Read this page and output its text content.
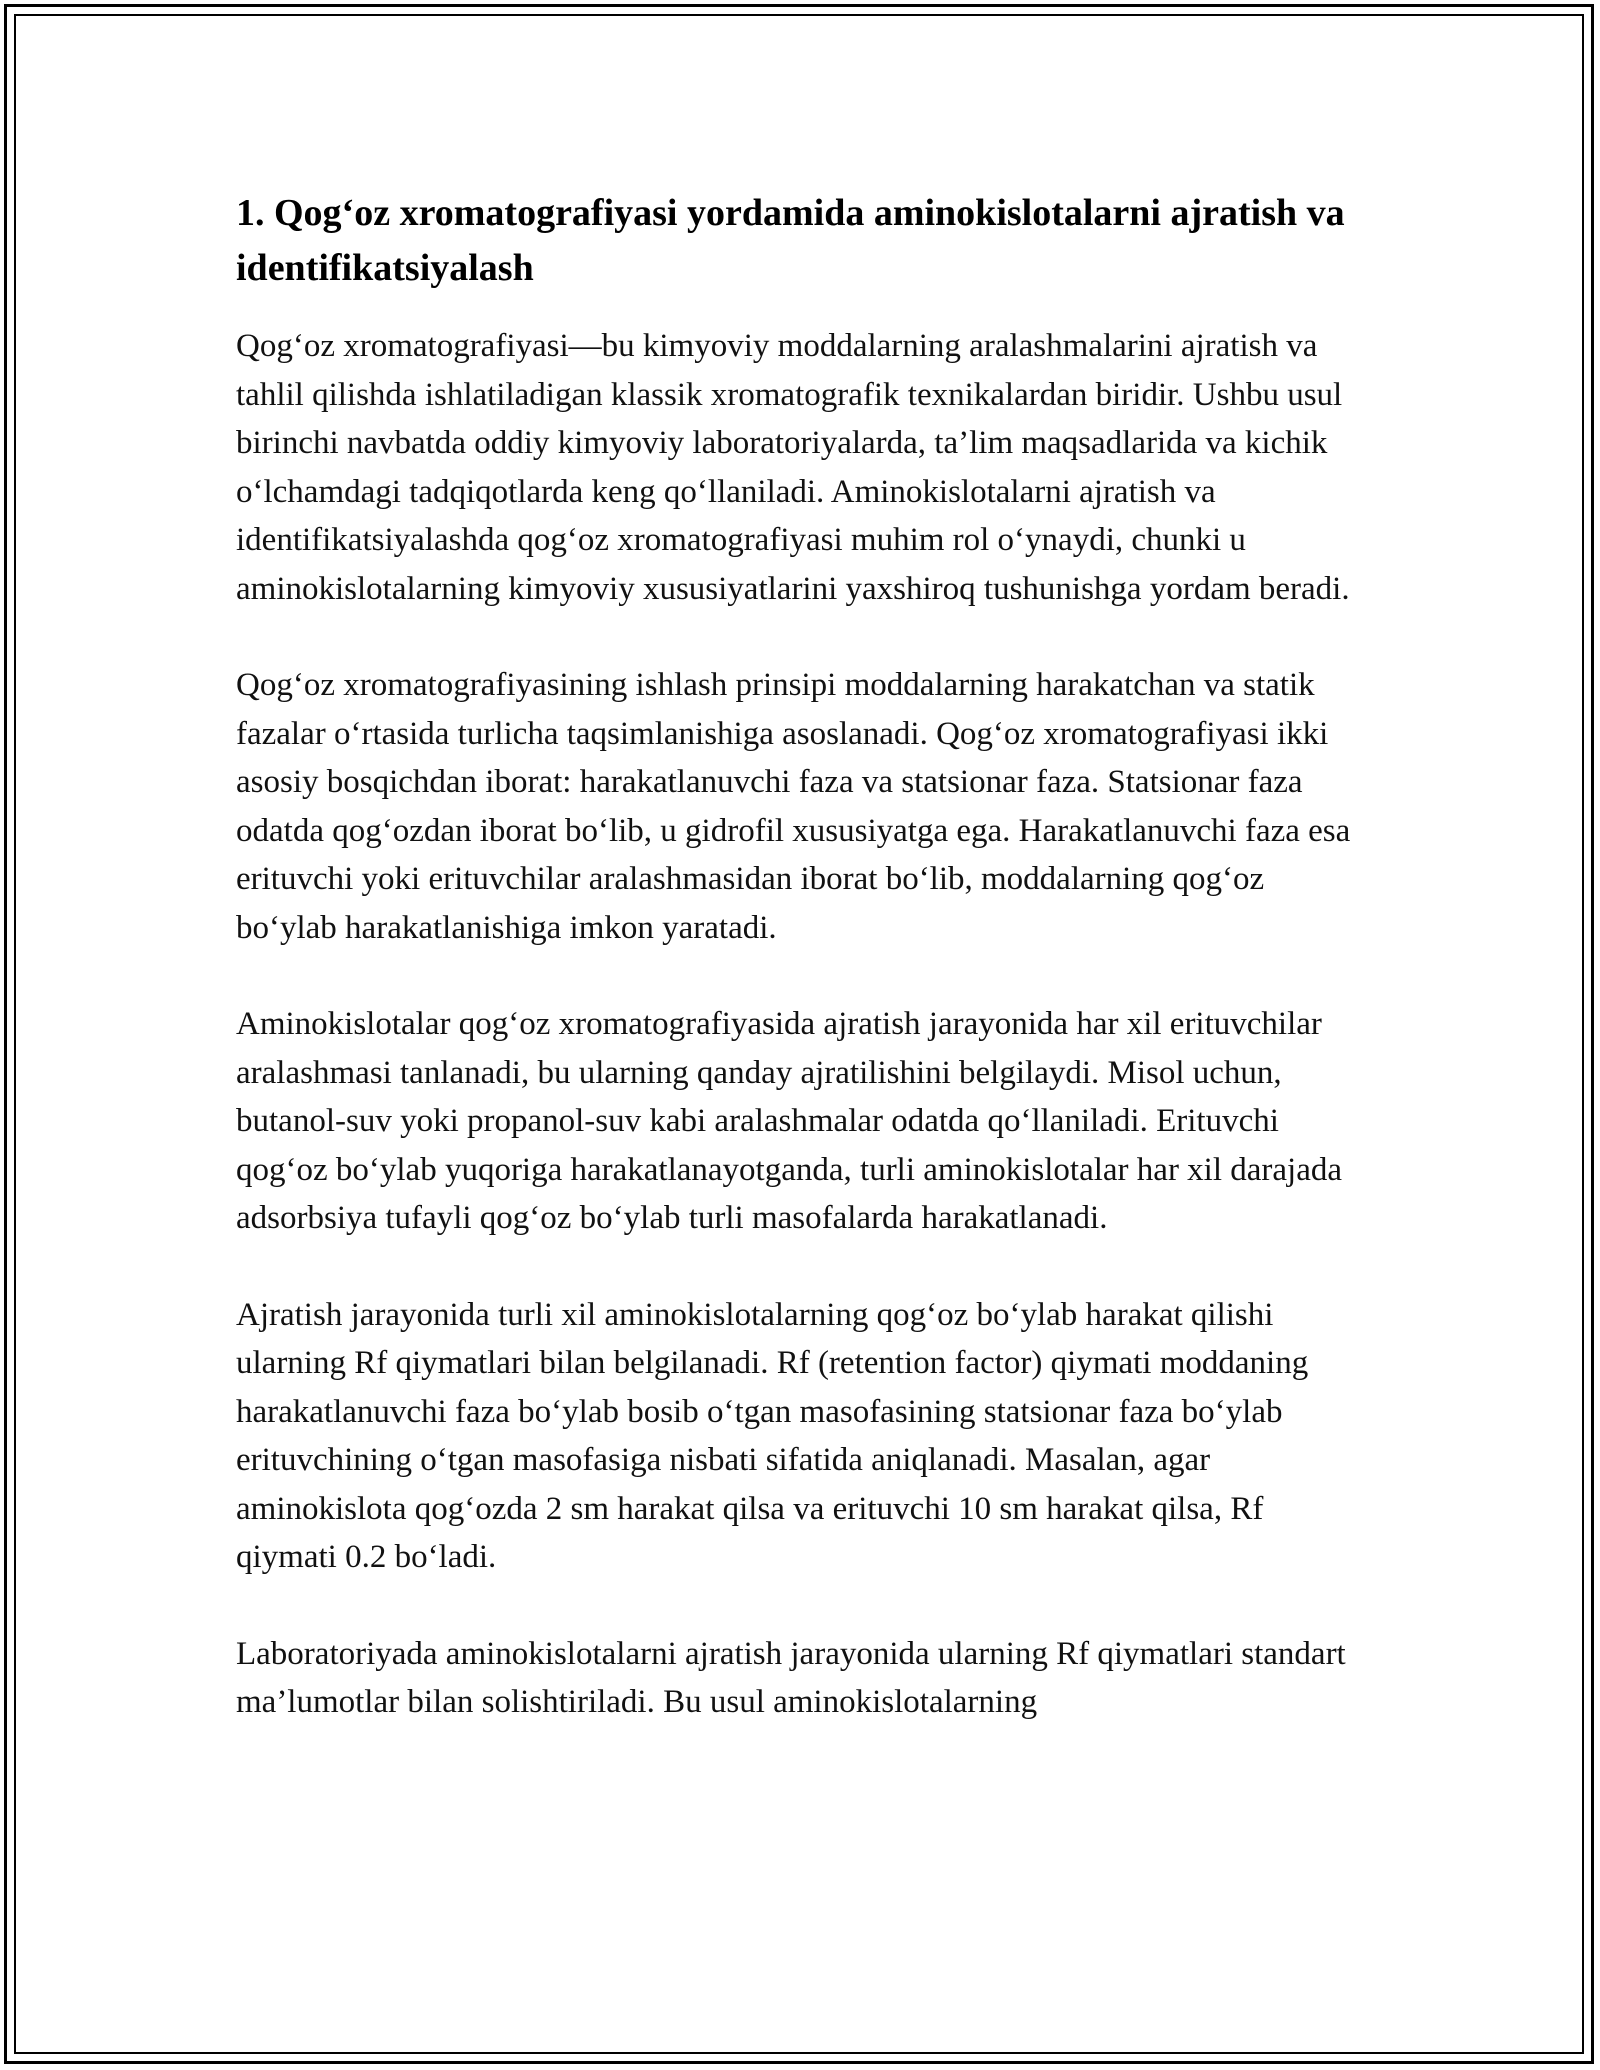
1. Qog‘oz xromatografiyasi yordamida aminokislotalarni ajratish va identifikatsiyalash

Qog‘oz xromatografiyasi—bu kimyoviy moddalarning aralashmalarini ajratish va tahlil qilishda ishlatiladigan klassik xromatografik texnikalardan biridir. Ushbu usul birinchi navbatda oddiy kimyoviy laboratoriyalarda, ta’lim maqsadlarida va kichik o‘lchamdagi tadqiqotlarda keng qo‘llaniladi. Aminokislotalarni ajratish va identifikatsiyalashda qog‘oz xromatografiyasi muhim rol o‘ynaydi, chunki u aminokislotalarning kimyoviy xususiyatlarini yaxshiroq tushunishga yordam beradi.

Qog‘oz xromatografiyasining ishlash prinsipi moddalarning harakatchan va statik fazalar o‘rtasida turlicha taqsimlanishiga asoslanadi. Qog‘oz xromatografiyasi ikki asosiy bosqichdan iborat: harakatlanuvchi faza va statsionar faza. Statsionar faza odatda qog‘ozdan iborat bo‘lib, u gidrofil xususiyatga ega. Harakatlanuvchi faza esa erituvchi yoki erituvchilar aralashmasidan iborat bo‘lib, moddalarning qog‘oz bo‘ylab harakatlanishiga imkon yaratadi.

Aminokislotalar qog‘oz xromatografiyasida ajratish jarayonida har xil erituvchilar aralashmasi tanlanadi, bu ularning qanday ajratilishini belgilaydi. Misol uchun, butanol-suv yoki propanol-suv kabi aralashmalar odatda qo‘llaniladi. Erituvchi qog‘oz bo‘ylab yuqoriga harakatlanayotganda, turli aminokislotalar har xil darajada adsorbsiya tufayli qog‘oz bo‘ylab turli masofalarda harakatlanadi.

Ajratish jarayonida turli xil aminokislotalarning qog‘oz bo‘ylab harakat qilishi ularning Rf qiymatlari bilan belgilanadi. Rf (retention factor) qiymati moddaning harakatlanuvchi faza bo‘ylab bosib o‘tgan masofasining statsionar faza bo‘ylab erituvchining o‘tgan masofasiga nisbati sifatida aniqlanadi. Masalan, agar aminokislota qog‘ozda 2 sm harakat qilsa va erituvchi 10 sm harakat qilsa, Rf qiymati 0.2 bo‘ladi.

Laboratoriyada aminokislotalarni ajratish jarayonida ularning Rf qiymatlari standart ma’lumotlar bilan solishtiriladi. Bu usul aminokislotalarning
